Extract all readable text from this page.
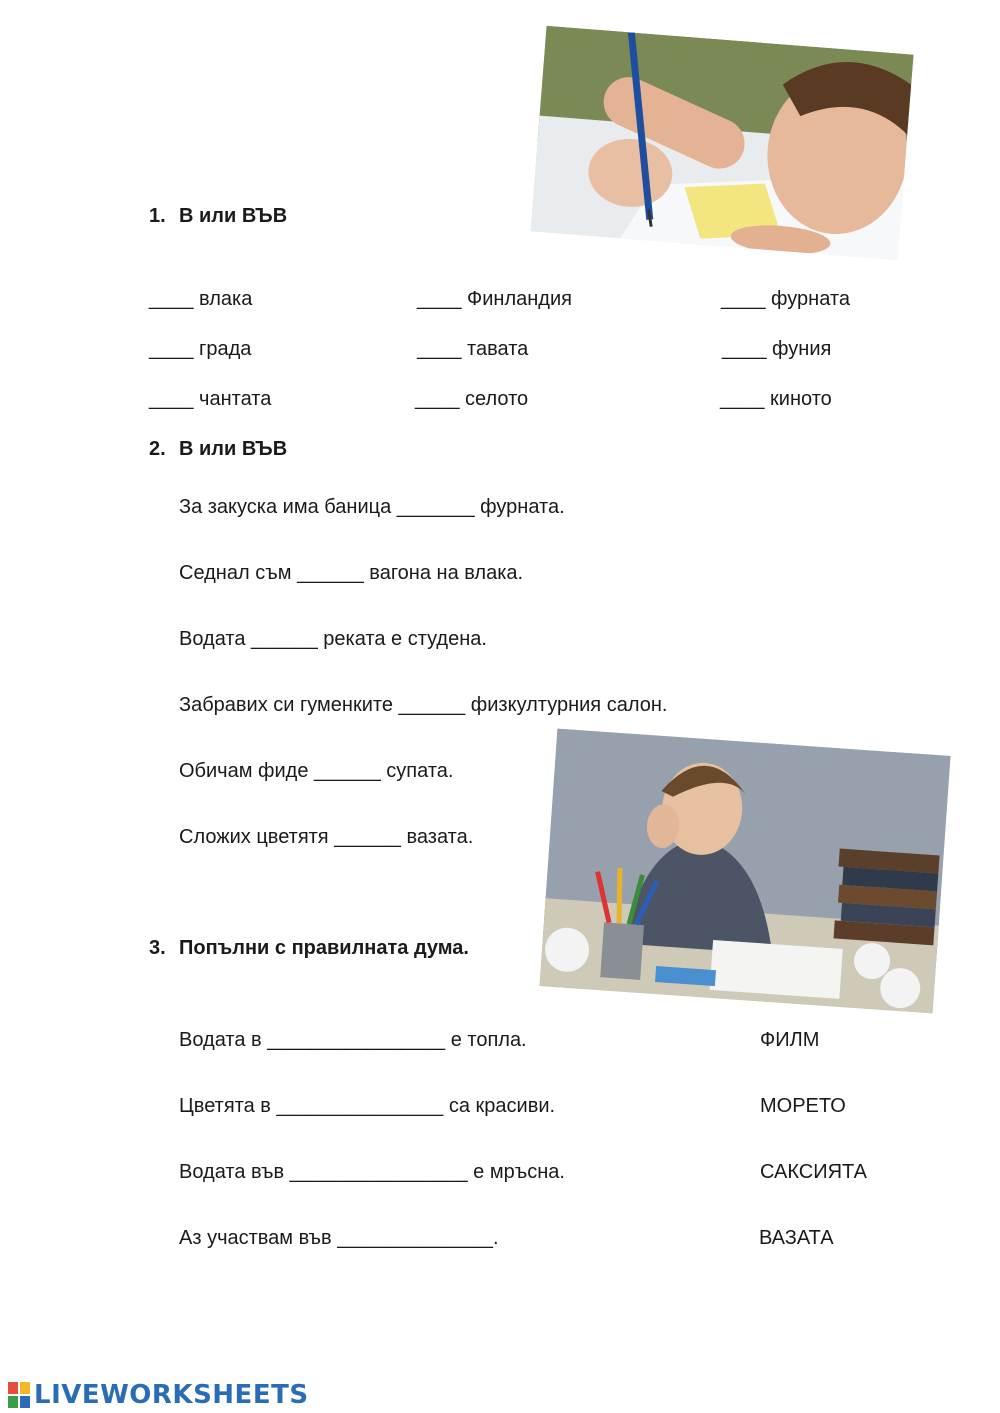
1. В или ВЪВ
____ влака	____ Финландия	____ фурната
____ града	____ тавата	____ фуния
____ чантата	____ селото	____ киното
2. В или ВЪВ
За закуска има баница _______ фурната.
Седнал съм ______ вагона на влака.
Водата ______ реката е студена.
Забравих си гуменките ______ физкултурния салон.
Обичам фиде ______ супата.
Сложих цветятя ______ вазата.
3. Попълни с правилната дума.
Водата в ________________ е топла.
Цветята в _______________ са красиви.
Водата във ________________ е мръсна.
Аз участвам във ______________.
ФИЛМ
МОРЕТО
САКСИЯТА
ВАЗАТА
LIVEWORKSHEETS
